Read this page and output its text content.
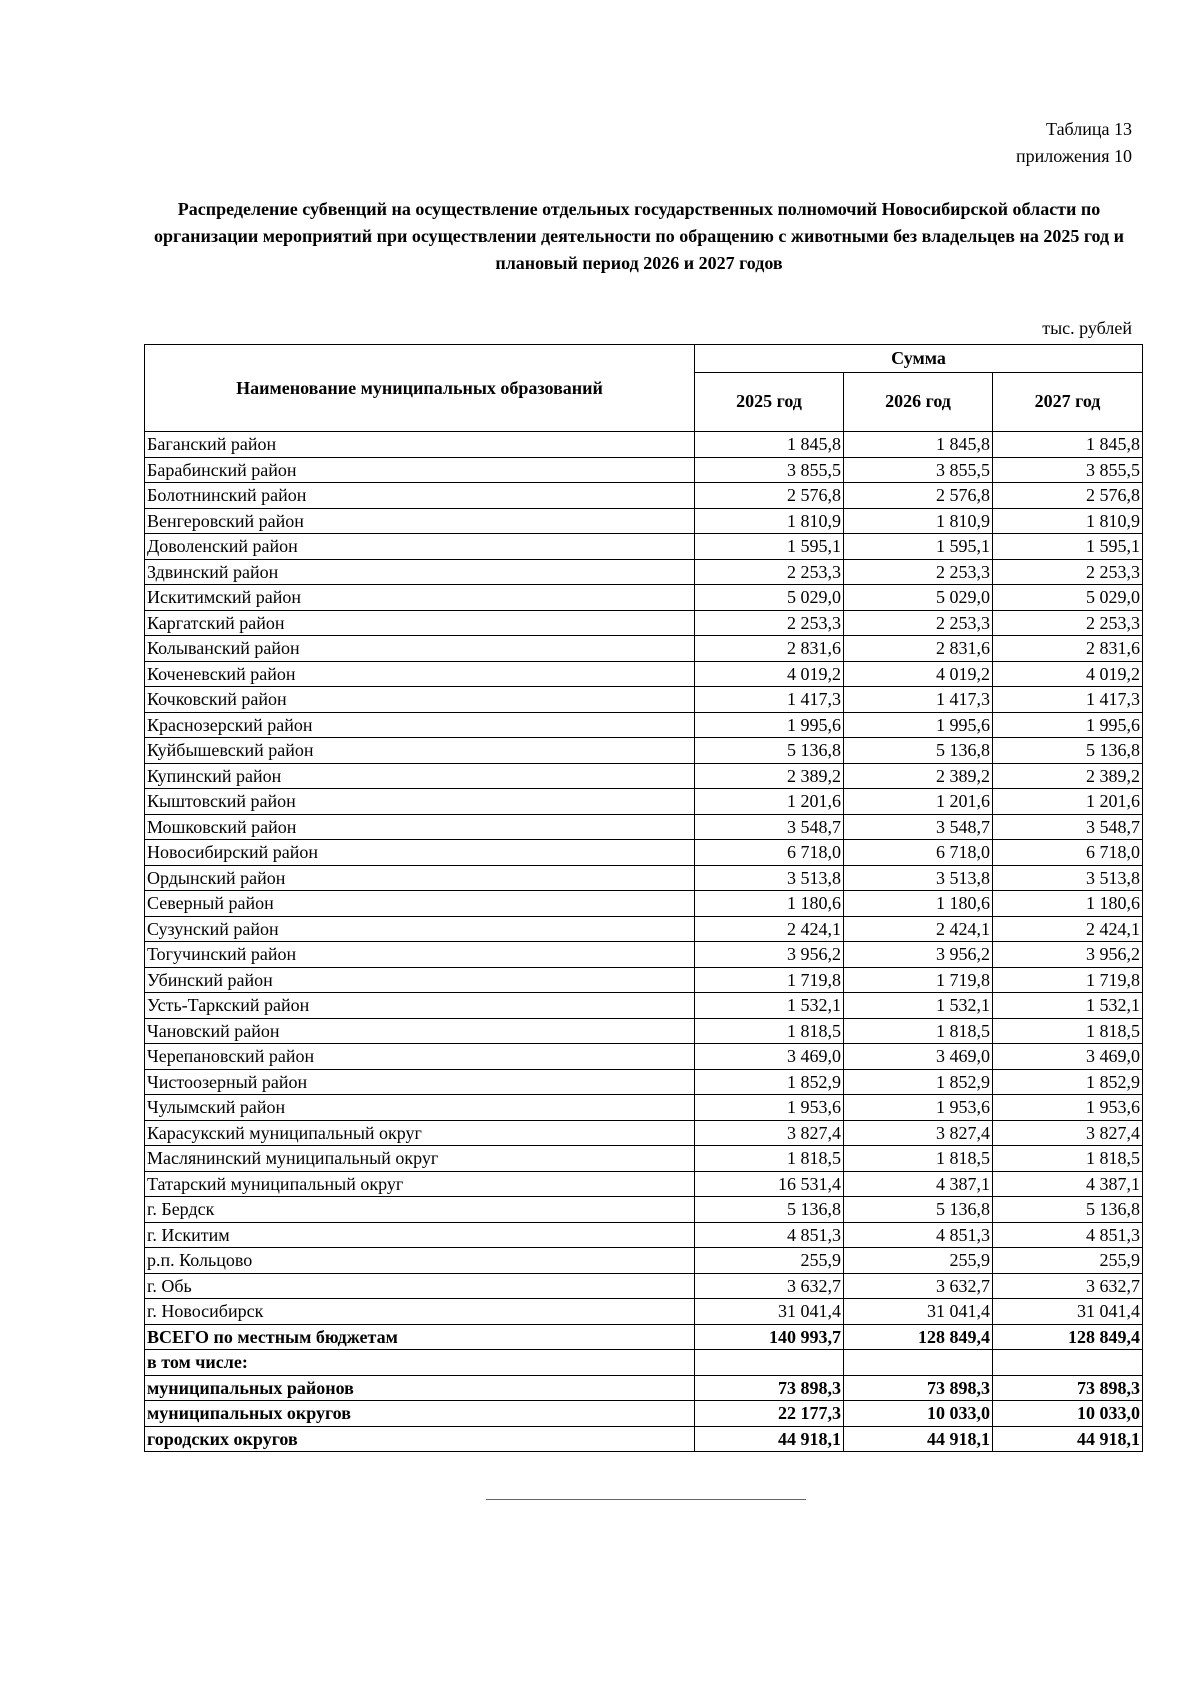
Таблица 13
приложения 10
Распределение субвенций на осуществление отдельных государственных полномочий Новосибирской области по организации мероприятий при осуществлении деятельности по обращению с животными без владельцев на 2025 год и плановый период 2026 и 2027 годов
тыс. рублей
Наименование муниципальных образований	Сумма		
	2025 год	2026 год	2027 год
Баганский район	1 845,8	1 845,8	1 845,8
Барабинский район	3 855,5	3 855,5	3 855,5
Болотнинский район	2 576,8	2 576,8	2 576,8
Венгеровский район	1 810,9	1 810,9	1 810,9
Доволенский район	1 595,1	1 595,1	1 595,1
Здвинский район	2 253,3	2 253,3	2 253,3
Искитимский район	5 029,0	5 029,0	5 029,0
Каргатский район	2 253,3	2 253,3	2 253,3
Колыванский район	2 831,6	2 831,6	2 831,6
Коченевский район	4 019,2	4 019,2	4 019,2
Кочковский район	1 417,3	1 417,3	1 417,3
Краснозерский район	1 995,6	1 995,6	1 995,6
Куйбышевский район	5 136,8	5 136,8	5 136,8
Купинский район	2 389,2	2 389,2	2 389,2
Кыштовский район	1 201,6	1 201,6	1 201,6
Мошковский район	3 548,7	3 548,7	3 548,7
Новосибирский район	6 718,0	6 718,0	6 718,0
Ордынский район	3 513,8	3 513,8	3 513,8
Северный район	1 180,6	1 180,6	1 180,6
Сузунский район	2 424,1	2 424,1	2 424,1
Тогучинский район	3 956,2	3 956,2	3 956,2
Убинский район	1 719,8	1 719,8	1 719,8
Усть-Таркский район	1 532,1	1 532,1	1 532,1
Чановский район	1 818,5	1 818,5	1 818,5
Черепановский район	3 469,0	3 469,0	3 469,0
Чистоозерный район	1 852,9	1 852,9	1 852,9
Чулымский район	1 953,6	1 953,6	1 953,6
Карасукский муниципальный округ	3 827,4	3 827,4	3 827,4
Маслянинский муниципальный округ	1 818,5	1 818,5	1 818,5
Татарский муниципальный округ	16 531,4	4 387,1	4 387,1
г. Бердск	5 136,8	5 136,8	5 136,8
г. Искитим	4 851,3	4 851,3	4 851,3
р.п. Кольцово	255,9	255,9	255,9
г. Обь	3 632,7	3 632,7	3 632,7
г. Новосибирск	31 041,4	31 041,4	31 041,4
ВСЕГО по местным бюджетам	140 993,7	128 849,4	128 849,4
в том числе:			
муниципальных районов	73 898,3	73 898,3	73 898,3
муниципальных округов	22 177,3	10 033,0	10 033,0
городских округов	44 918,1	44 918,1	44 918,1
